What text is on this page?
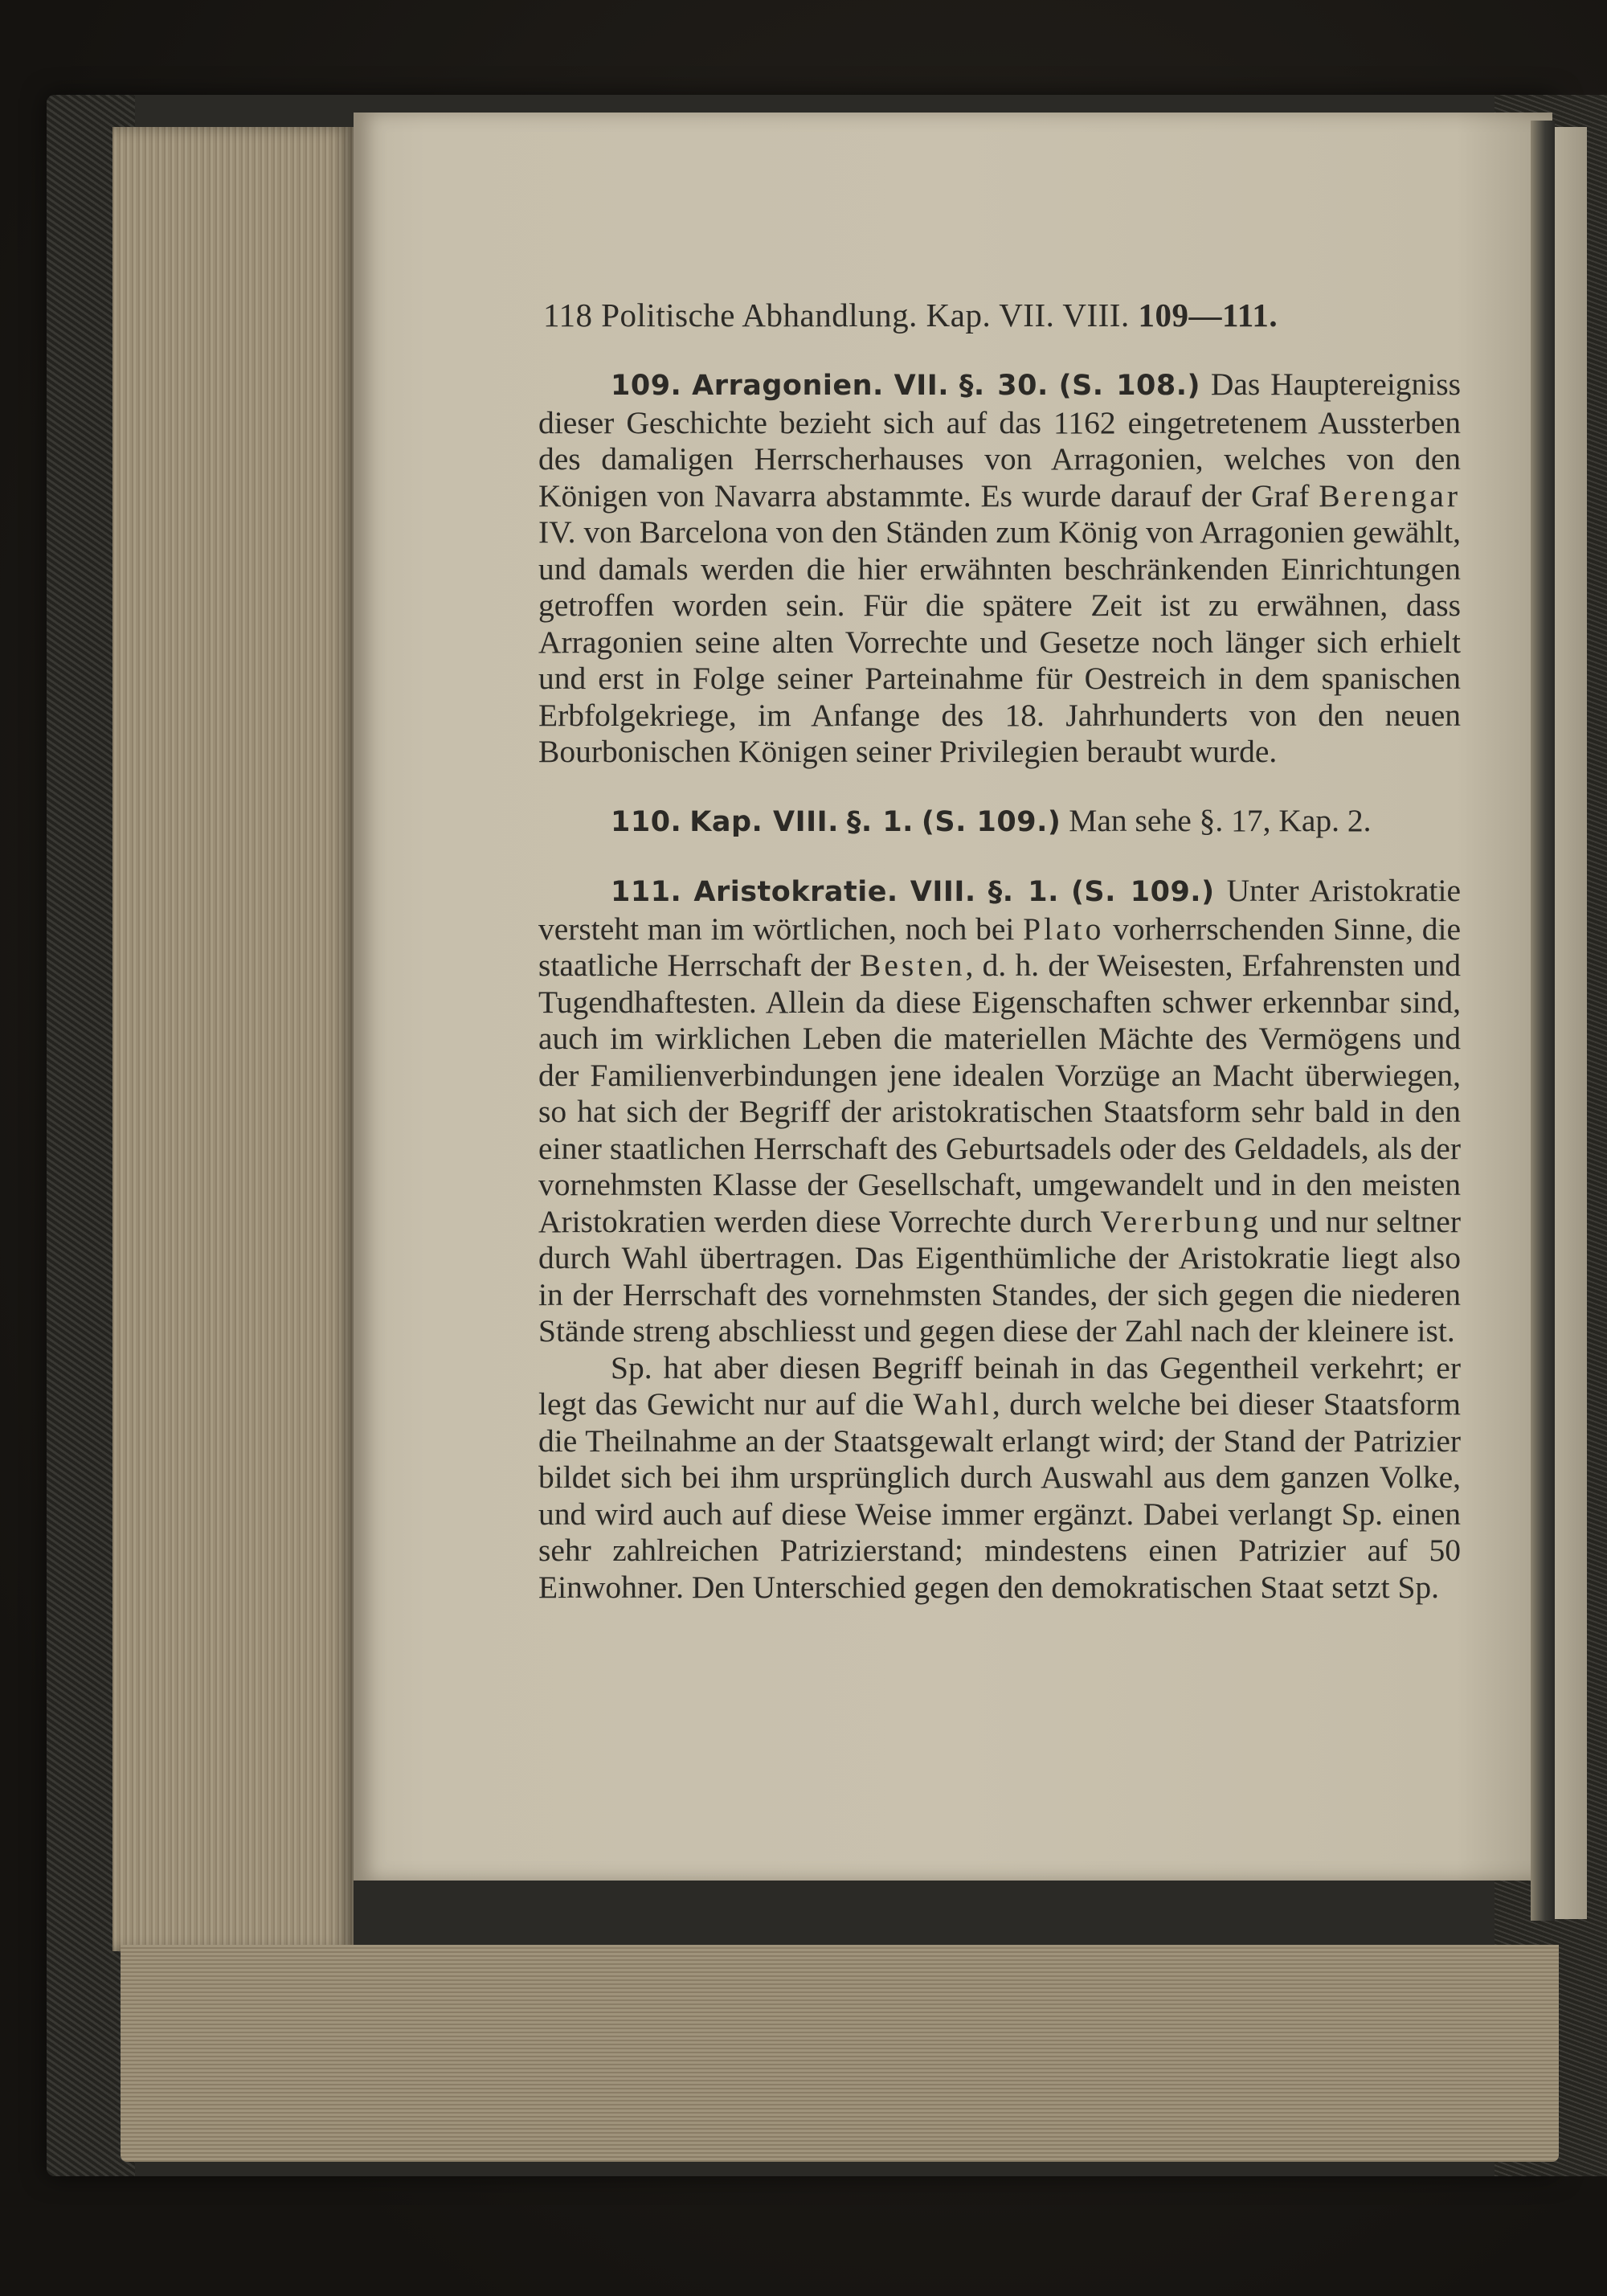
118 Politische Abhandlung. Kap. VII. VIII. 109—111.

109. Arragonien. VII. §. 30. (S. 108.) Das Hauptereigniss dieser Geschichte bezieht sich auf das 1162 eingetretenem Aussterben des damaligen Herrscherhauses von Arragonien, welches von den Königen von Navarra abstammte. Es wurde darauf der Graf Berengar IV. von Barcelona von den Ständen zum König von Arragonien gewählt, und damals werden die hier erwähnten beschränkenden Einrichtungen getroffen worden sein. Für die spätere Zeit ist zu erwähnen, dass Arragonien seine alten Vorrechte und Gesetze noch länger sich erhielt und erst in Folge seiner Parteinahme für Oestreich in dem spanischen Erbfolgekriege, im Anfange des 18. Jahrhunderts von den neuen Bourbonischen Königen seiner Privilegien beraubt wurde.

110. Kap. VIII. §. 1. (S. 109.) Man sehe §. 17, Kap. 2.

111. Aristokratie. VIII. §. 1. (S. 109.) Unter Aristokratie versteht man im wörtlichen, noch bei Plato vorherrschenden Sinne, die staatliche Herrschaft der Besten, d. h. der Weisesten, Erfahrensten und Tugendhaftesten. Allein da diese Eigenschaften schwer erkennbar sind, auch im wirklichen Leben die materiellen Mächte des Vermögens und der Familienverbindungen jene idealen Vorzüge an Macht überwiegen, so hat sich der Begriff der aristokratischen Staatsform sehr bald in den einer staatlichen Herrschaft des Geburtsadels oder des Geldadels, als der vornehmsten Klasse der Gesellschaft, umgewandelt und in den meisten Aristokratien werden diese Vorrechte durch Vererbung und nur seltner durch Wahl übertragen. Das Eigenthümliche der Aristokratie liegt also in der Herrschaft des vornehmsten Standes, der sich gegen die niederen Stände streng abschliesst und gegen diese der Zahl nach der kleinere ist.

Sp. hat aber diesen Begriff beinah in das Gegentheil verkehrt; er legt das Gewicht nur auf die Wahl, durch welche bei dieser Staatsform die Theilnahme an der Staatsgewalt erlangt wird; der Stand der Patrizier bildet sich bei ihm ursprünglich durch Auswahl aus dem ganzen Volke, und wird auch auf diese Weise immer ergänzt. Dabei verlangt Sp. einen sehr zahlreichen Patrizierstand; mindestens einen Patrizier auf 50 Einwohner. Den Unterschied gegen den demokratischen Staat setzt Sp.
